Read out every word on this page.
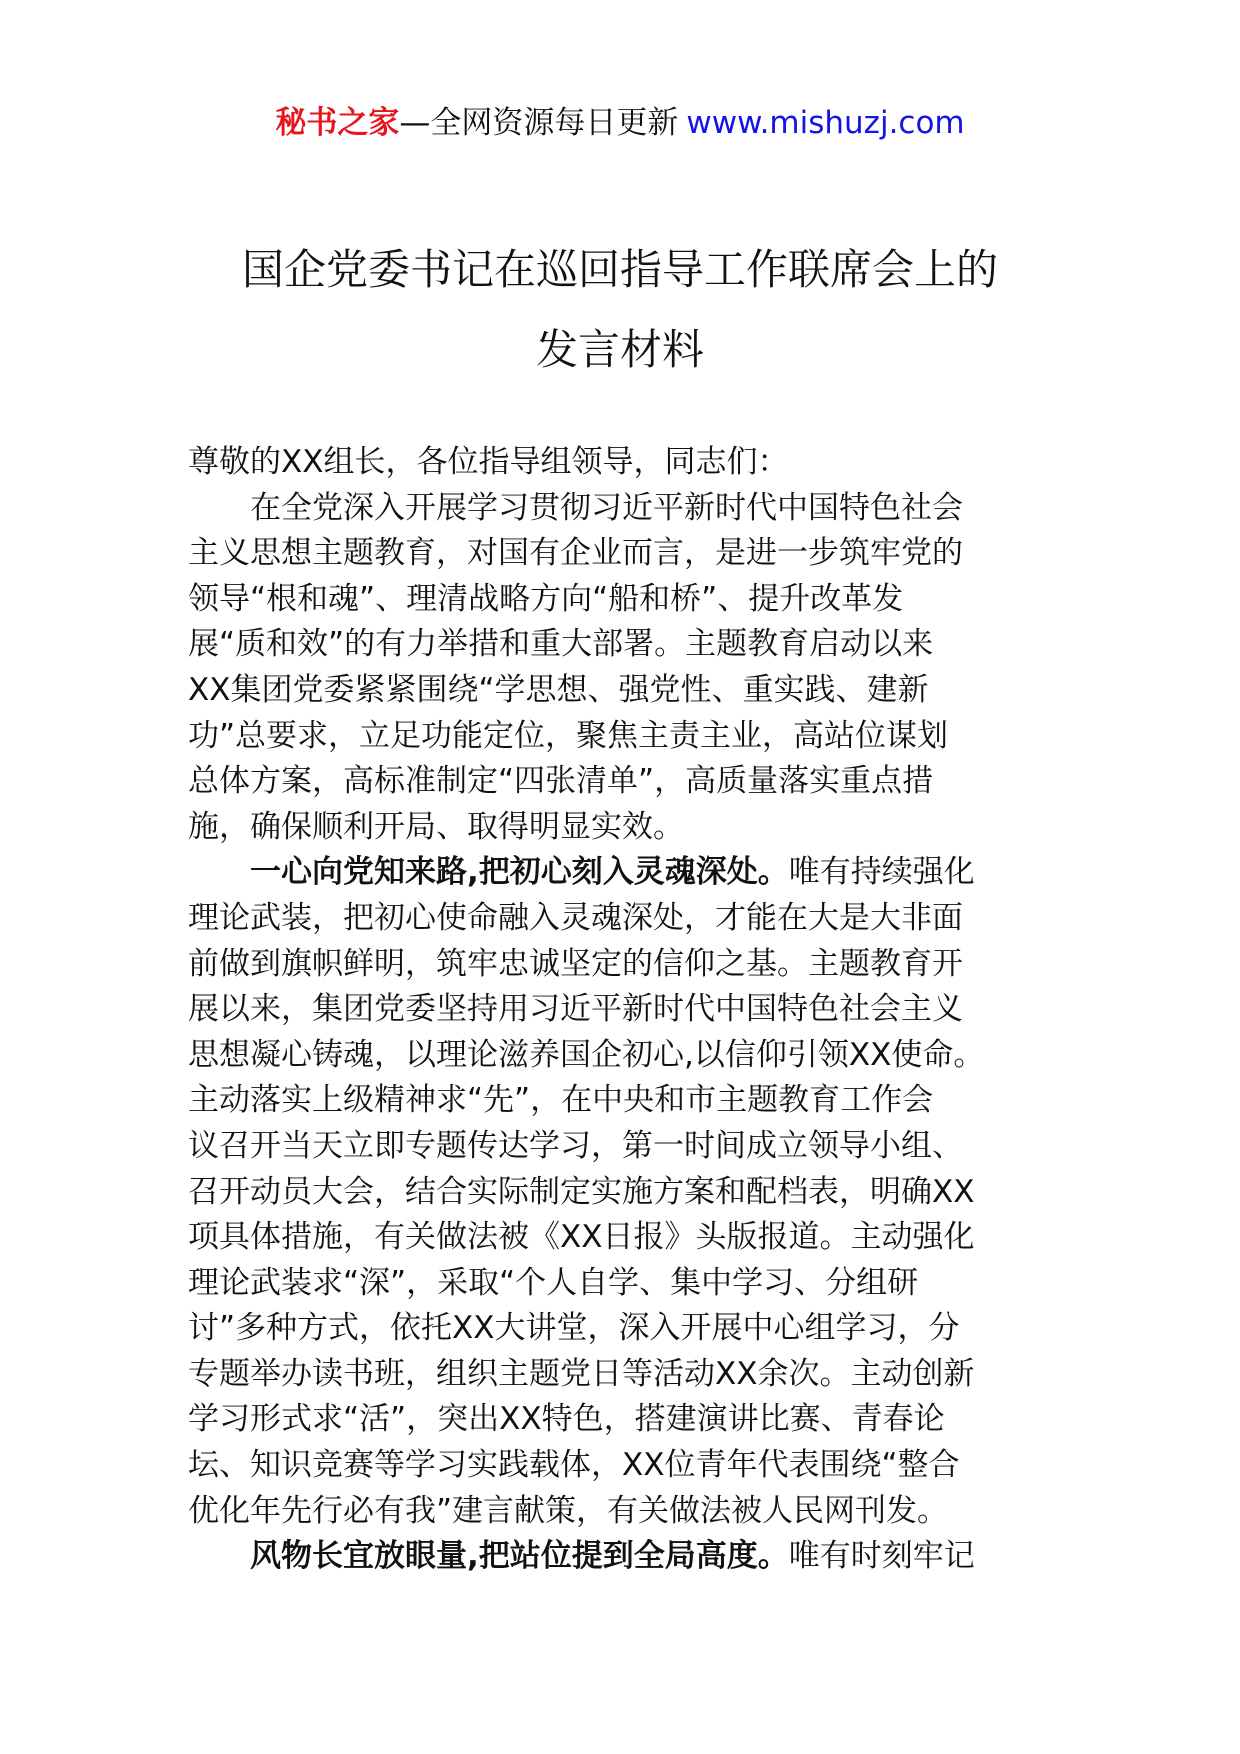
秘书之家—全网资源每日更新 www.mishuzj.com
国企党委书记在巡回指导工作联席会上的
发言材料
尊敬的XX组长，各位指导组领导，同志们：
在全党深入开展学习贯彻习近平新时代中国特色社会
主义思想主题教育，对国有企业而言，是进一步筑牢党的
领导“根和魂”、理清战略方向“船和桥”、提升改革发
展“质和效”的有力举措和重大部署。主题教育启动以来
XX集团党委紧紧围绕“学思想、强党性、重实践、建新
功”总要求，立足功能定位，聚焦主责主业，高站位谋划
总体方案，高标准制定“四张清单”，高质量落实重点措
施，确保顺利开局、取得明显实效。
一心向党知来路,把初心刻入灵魂深处。唯有持续强化
理论武装，把初心使命融入灵魂深处，才能在大是大非面
前做到旗帜鲜明，筑牢忠诚坚定的信仰之基。主题教育开
展以来，集团党委坚持用习近平新时代中国特色社会主义
思想凝心铸魂，以理论滋养国企初心,以信仰引领XX使命。
主动落实上级精神求“先”，在中央和市主题教育工作会
议召开当天立即专题传达学习，第一时间成立领导小组、
召开动员大会，结合实际制定实施方案和配档表，明确XX
项具体措施，有关做法被《XX日报》头版报道。主动强化
理论武装求“深”，采取“个人自学、集中学习、分组研
讨”多种方式，依托XX大讲堂，深入开展中心组学习，分
专题举办读书班，组织主题党日等活动XX余次。主动创新
学习形式求“活”，突出XX特色，搭建演讲比赛、青春论
坛、知识竞赛等学习实践载体，XX位青年代表围绕“整合
优化年先行必有我”建言献策，有关做法被人民网刊发。
风物长宜放眼量,把站位提到全局高度。唯有时刻牢记
